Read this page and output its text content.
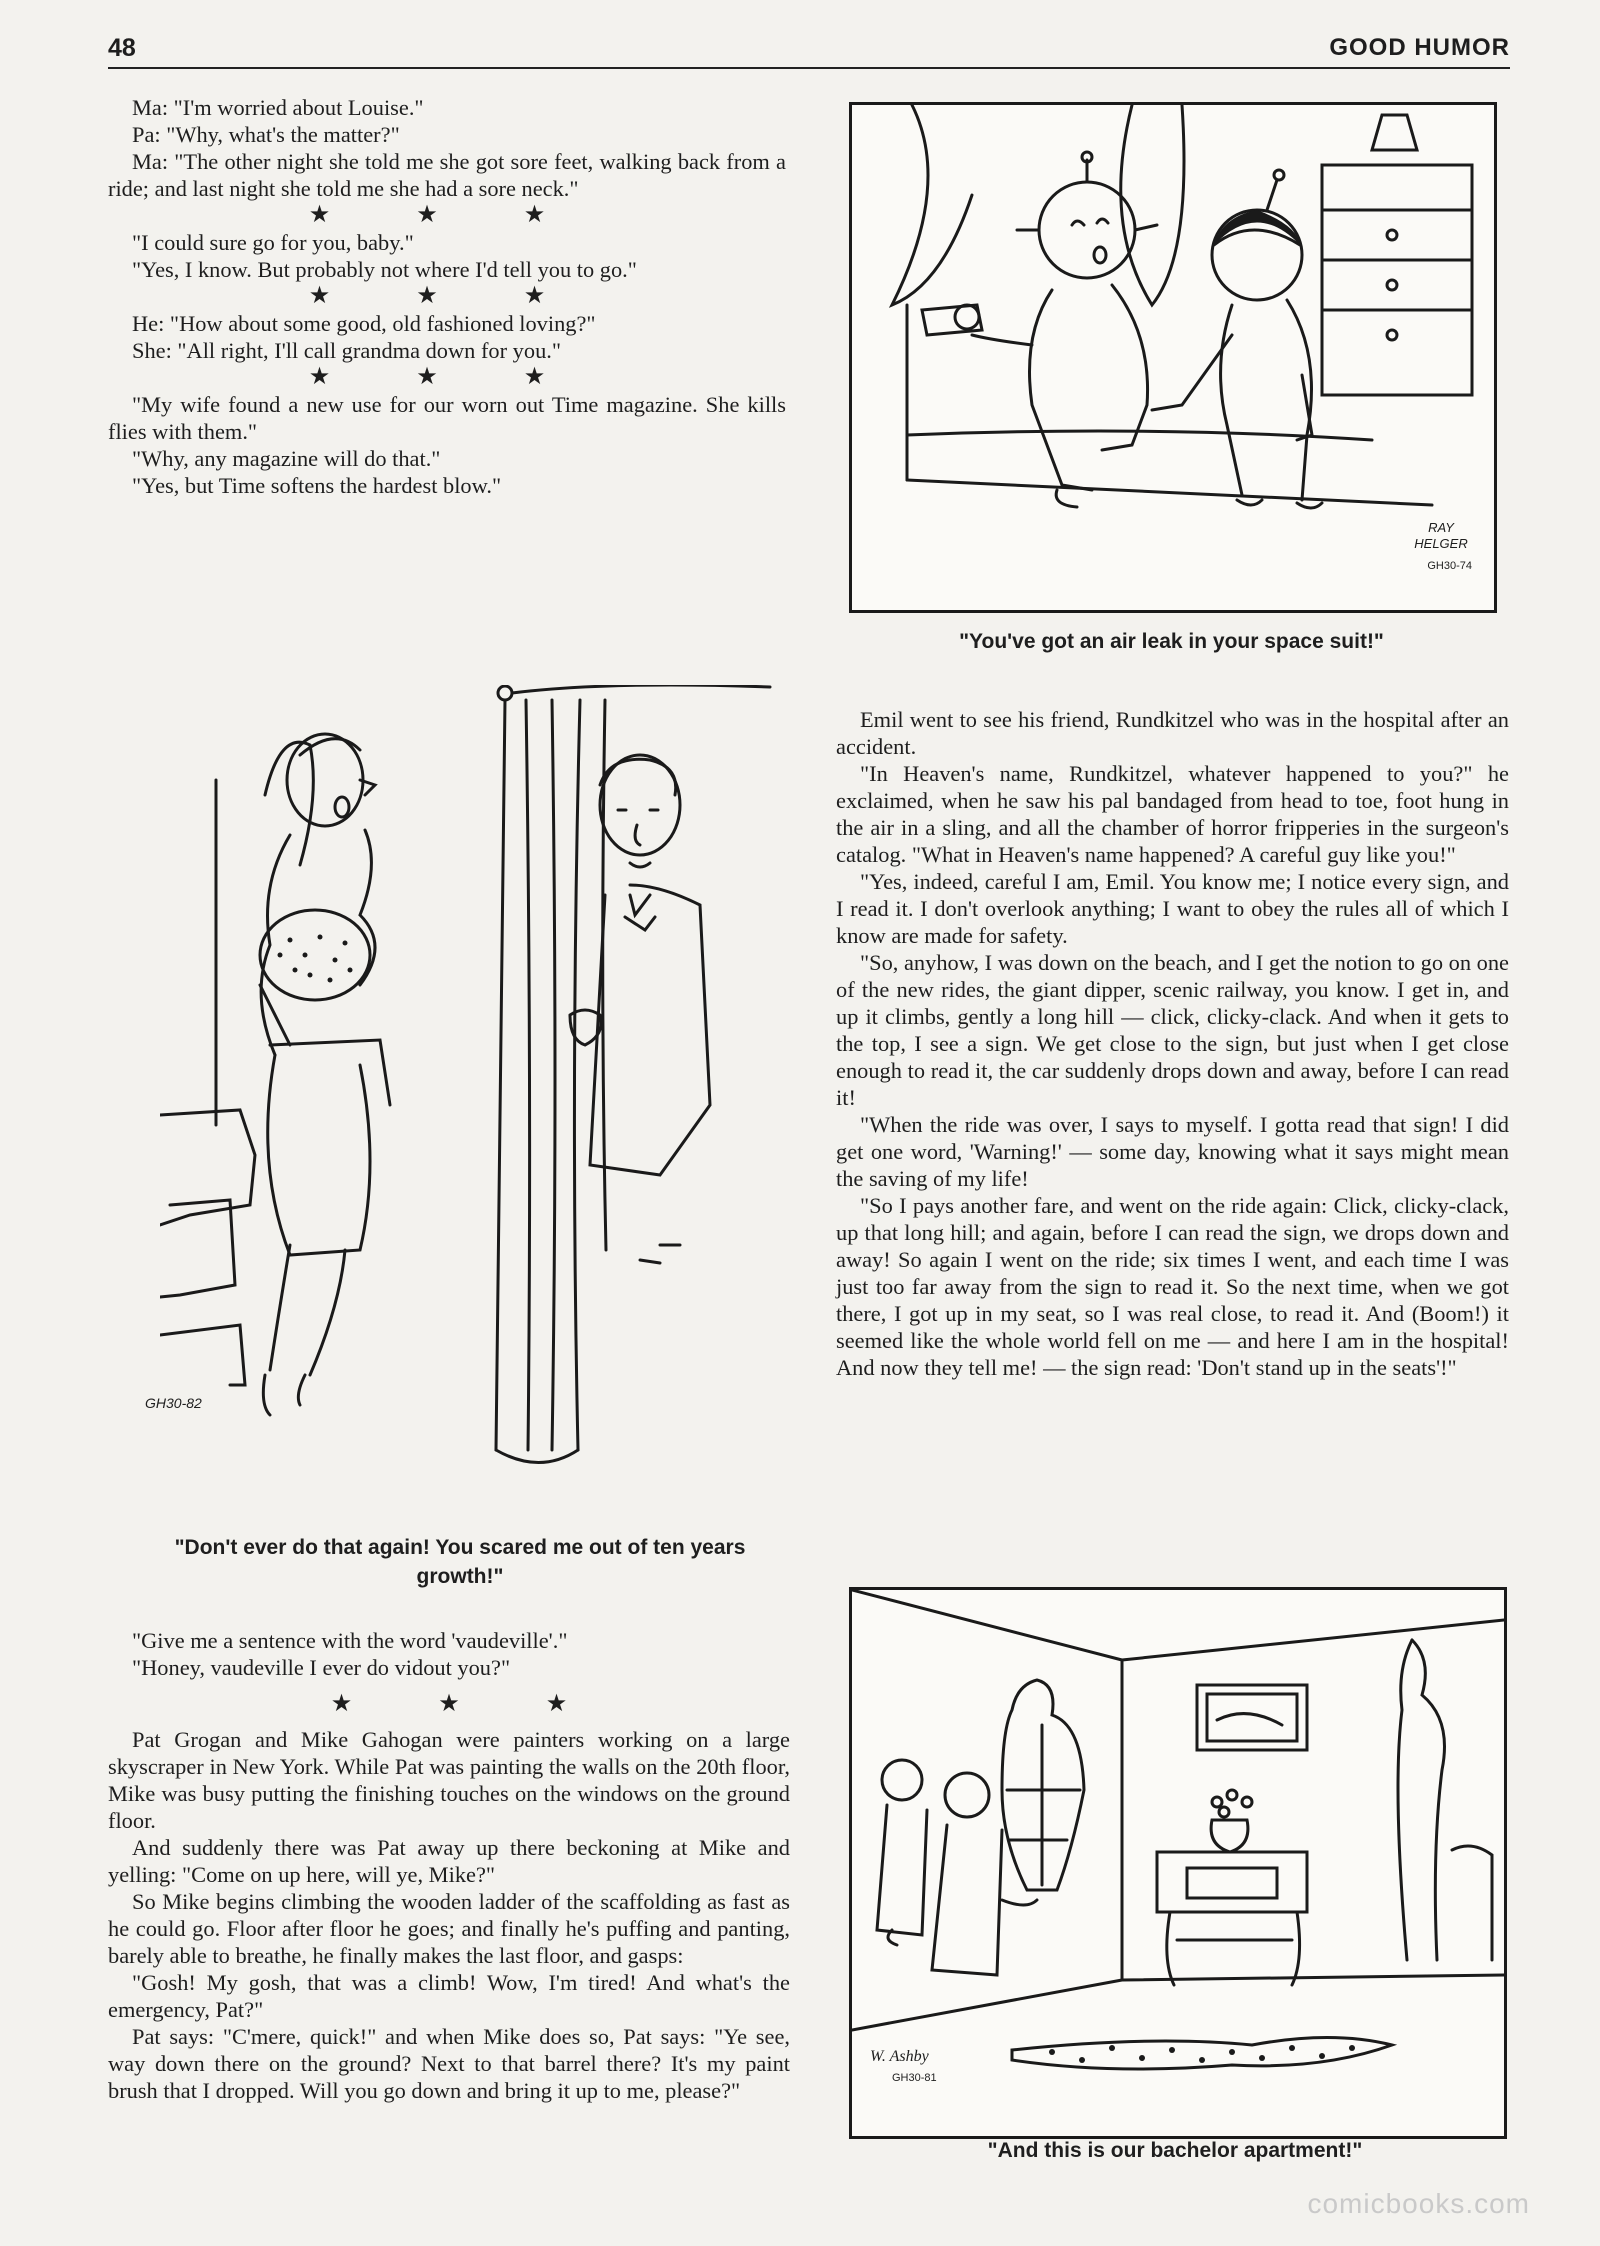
48	GOOD HUMOR

Ma: "I'm worried about Louise."

Pa: "Why, what's the matter?"

Ma: "The other night she told me she got sore feet, walking back from a ride; and last night she told me she had a sore neck."

★ ★ ★

"I could sure go for you, baby."

"Yes, I know. But probably not where I'd tell you to go."

★ ★ ★

He: "How about some good, old fashioned loving?"

She: "All right, I'll call grandma down for you."

★ ★ ★

"My wife found a new use for our worn out Time magazine. She kills flies with them."

"Why, any magazine will do that."

"Yes, but Time softens the hardest blow."

GH30-82
"Don't ever do that again! You scared me out of ten years growth!"

"Give me a sentence with the word 'vaudeville'."

"Honey, vaudeville I ever do vidout you?"

★ ★ ★

Pat Grogan and Mike Gahogan were painters working on a large skyscraper in New York. While Pat was painting the walls on the 20th floor, Mike was busy putting the finishing touches on the windows on the ground floor.

And suddenly there was Pat away up there beckoning at Mike and yelling: "Come on up here, will ye, Mike?"

So Mike begins climbing the wooden ladder of the scaffolding as fast as he could go. Floor after floor he goes; and finally he's puffing and panting, barely able to breathe, he finally makes the last floor, and gasps:

"Gosh! My gosh, that was a climb! Wow, I'm tired! And what's the emergency, Pat?"

Pat says: "C'mere, quick!" and when Mike does so, Pat says: "Ye see, way down there on the ground? Next to that barrel there? It's my paint brush that I dropped. Will you go down and bring it up to me, please?"

RAY HELGER
GH30-74
"You've got an air leak in your space suit!"

Emil went to see his friend, Rundkitzel who was in the hospital after an accident.

"In Heaven's name, Rundkitzel, whatever happened to you?" he exclaimed, when he saw his pal bandaged from head to toe, foot hung in the air in a sling, and all the chamber of horror fripperies in the surgeon's catalog. "What in Heaven's name happened? A careful guy like you!"

"Yes, indeed, careful I am, Emil. You know me; I notice every sign, and I read it. I don't overlook anything; I want to obey the rules all of which I know are made for safety.

"So, anyhow, I was down on the beach, and I get the notion to go on one of the new rides, the giant dipper, scenic railway, you know. I get in, and up it climbs, gently a long hill — click, clicky-clack. And when it gets to the top, I see a sign. We get close to the sign, but just when I get close enough to read it, the car suddenly drops down and away, before I can read it!

"When the ride was over, I says to myself. I gotta read that sign! I did get one word, 'Warning!' — some day, knowing what it says might mean the saving of my life!

"So I pays another fare, and went on the ride again: Click, clicky-clack, up that long hill; and again, before I can read the sign, we drops down and away! So again I went on the ride; six times I went, and each time I was just too far away from the sign to read it. So the next time, when we got there, I got up in my seat, so I was real close, to read it. And (Boom!) it seemed like the whole world fell on me — and here I am in the hospital! And now they tell me! — the sign read: 'Don't stand up in the seats'!"

W. Ashby
GH30-81
"And this is our bachelor apartment!"
comicbooks.com
